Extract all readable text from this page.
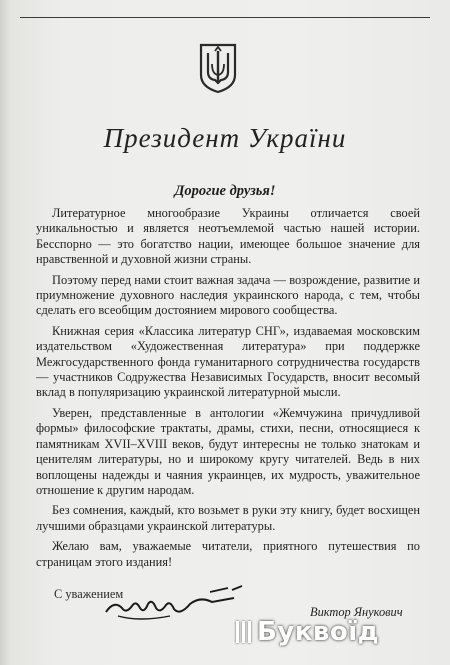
Президент України
Дорогие друзья!

Литературное многообразие Украины отличается своей уникальностью и является неотъемлемой частью нашей истории. Бесспорно — это богатство нации, имеющее большое значение для нравственной и духовной жизни страны.

Поэтому перед нами стоит важная задача — возрождение, развитие и приумножение духовного наследия украинского народа, с тем, чтобы сделать его всеобщим достоянием мирового сообщества.

Книжная серия «Классика литератур СНГ», издаваемая московским издательством «Художественная литература» при поддержке Межгосударственного фонда гуманитарного сотрудничества государств — участников Содружества Независимых Государств, вносит весомый вклад в популяризацию украинской литературной мысли.

Уверен, представленные в антологии «Жемчужина причудливой формы» философские трактаты, драмы, стихи, песни, относящиеся к памятникам XVII–XVIII веков, будут интересны не только знатокам и ценителям литературы, но и широкому кругу читателей. Ведь в них воплощены надежды и чаяния украинцев, их мудрость, уважительное отношение к другим народам.

Без сомнения, каждый, кто возьмет в руки эту книгу, будет восхищен лучшими образцами украинской литературы.

Желаю вам, уважаемые читатели, приятного путешествия по страницам этого издания!

С уважением
Виктор Янукович
Буквоїд
